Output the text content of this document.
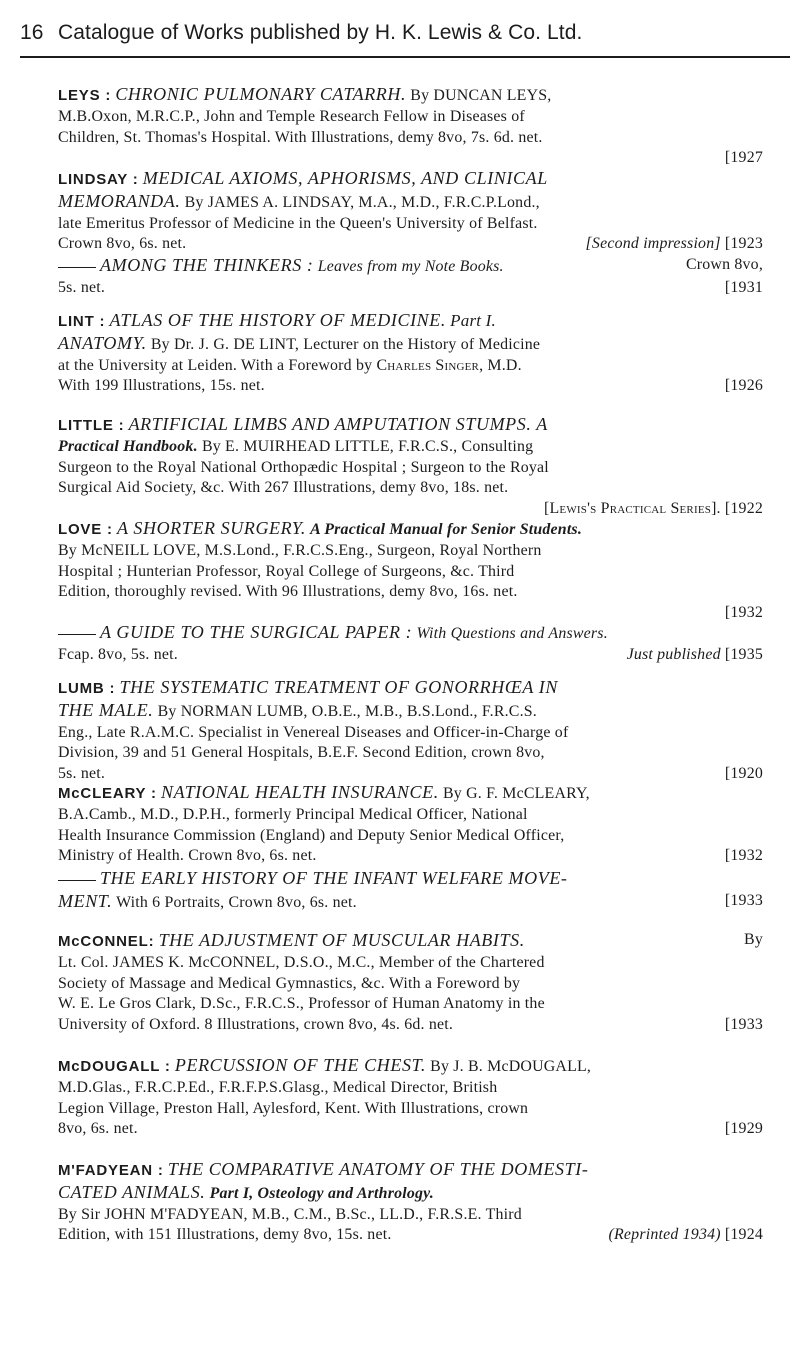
16 Catalogue of Works published by H. K. Lewis & Co. Ltd.

LEYS : CHRONIC PULMONARY CATARRH. By DUNCAN LEYS,

M.B.Oxon, M.R.C.P., John and Temple Research Fellow in Diseases of

Children, St. Thomas's Hospital. With Illustrations, demy 8vo, 7s. 6d. net.

[1927

LINDSAY : MEDICAL AXIOMS, APHORISMS, AND CLINICAL

MEMORANDA. By JAMES A. LINDSAY, M.A., M.D., F.R.C.P.Lond.,

late Emeritus Professor of Medicine in the Queen's University of Belfast.

Crown 8vo, 6s. net.	[Second impression] [1923

AMONG THE THINKERS : Leaves from my Note Books.	Crown 8vo,

5s. net.	[1931

LINT : ATLAS OF THE HISTORY OF MEDICINE. Part I.

ANATOMY. By Dr. J. G. DE LINT, Lecturer on the History of Medicine

at the University at Leiden. With a Foreword by Charles Singer, M.D.

With 199 Illustrations, 15s. net.	[1926

LITTLE : ARTIFICIAL LIMBS AND AMPUTATION STUMPS. A

Practical Handbook. By E. MUIRHEAD LITTLE, F.R.C.S., Consulting

Surgeon to the Royal National Orthopædic Hospital ; Surgeon to the Royal

Surgical Aid Society, &c. With 267 Illustrations, demy 8vo, 18s. net.

[Lewis's Practical Series]. [1922

LOVE : A SHORTER SURGERY. A Practical Manual for Senior Students.

By McNEILL LOVE, M.S.Lond., F.R.C.S.Eng., Surgeon, Royal Northern

Hospital ; Hunterian Professor, Royal College of Surgeons, &c. Third

Edition, thoroughly revised. With 96 Illustrations, demy 8vo, 16s. net.

[1932

A GUIDE TO THE SURGICAL PAPER : With Questions and Answers.

Fcap. 8vo, 5s. net.	Just published [1935

LUMB : THE SYSTEMATIC TREATMENT OF GONORRHŒA IN

THE MALE. By NORMAN LUMB, O.B.E., M.B., B.S.Lond., F.R.C.S.

Eng., Late R.A.M.C. Specialist in Venereal Diseases and Officer-in-Charge of

Division, 39 and 51 General Hospitals, B.E.F. Second Edition, crown 8vo,

5s. net.	[1920

McCLEARY : NATIONAL HEALTH INSURANCE. By G. F. McCLEARY,

B.A.Camb., M.D., D.P.H., formerly Principal Medical Officer, National

Health Insurance Commission (England) and Deputy Senior Medical Officer,

Ministry of Health. Crown 8vo, 6s. net.	[1932

THE EARLY HISTORY OF THE INFANT WELFARE MOVE-

MENT. With 6 Portraits, Crown 8vo, 6s. net.	[1933

McCONNEL: THE ADJUSTMENT OF MUSCULAR HABITS.	By

Lt. Col. JAMES K. McCONNEL, D.S.O., M.C., Member of the Chartered

Society of Massage and Medical Gymnastics, &c. With a Foreword by

W. E. Le Gros Clark, D.Sc., F.R.C.S., Professor of Human Anatomy in the

University of Oxford. 8 Illustrations, crown 8vo, 4s. 6d. net.	[1933

McDOUGALL : PERCUSSION OF THE CHEST. By J. B. McDOUGALL,

M.D.Glas., F.R.C.P.Ed., F.R.F.P.S.Glasg., Medical Director, British

Legion Village, Preston Hall, Aylesford, Kent. With Illustrations, crown

8vo, 6s. net.	[1929

M'FADYEAN : THE COMPARATIVE ANATOMY OF THE DOMESTI-

CATED ANIMALS. Part I, Osteology and Arthrology.

By Sir JOHN M'FADYEAN, M.B., C.M., B.Sc., LL.D., F.R.S.E. Third

Edition, with 151 Illustrations, demy 8vo, 15s. net.	(Reprinted 1934) [1924
